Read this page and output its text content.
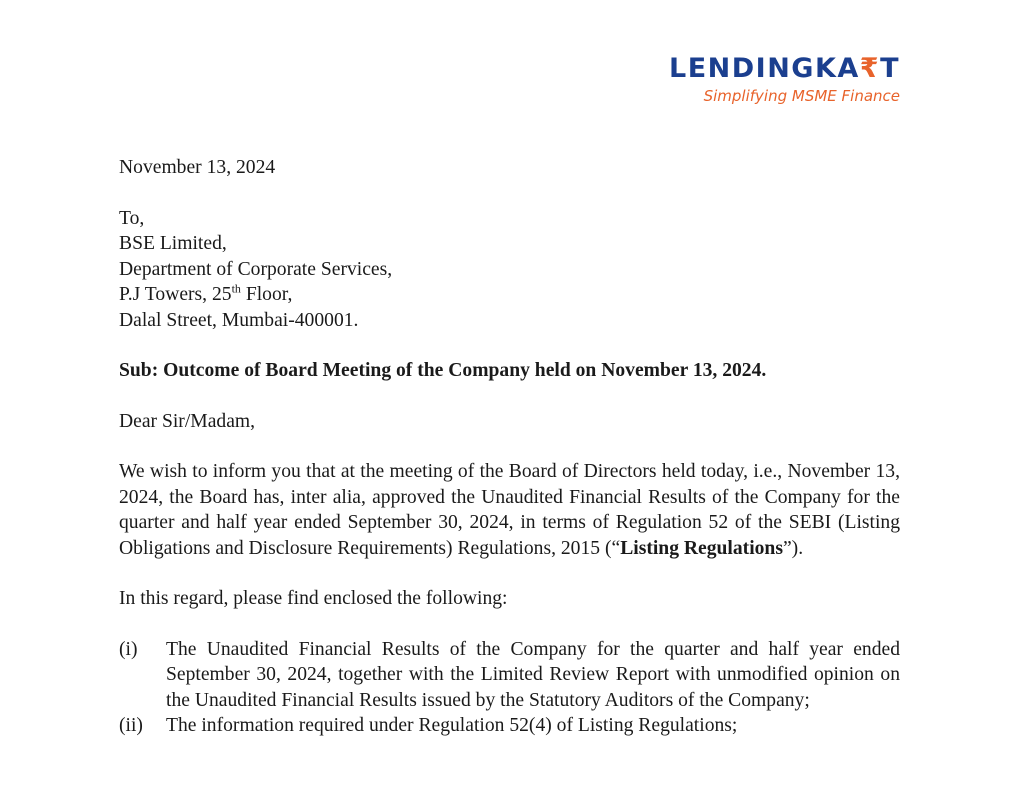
LENDINGKA₹T
Simplifying MSME Finance

November 13, 2024

To,
BSE Limited,
Department of Corporate Services,
P.J Towers, 25th Floor,
Dalal Street, Mumbai-400001.

Sub: Outcome of Board Meeting of the Company held on November 13, 2024.

Dear Sir/Madam,

We wish to inform you that at the meeting of the Board of Directors held today, i.e., November 13, 2024, the Board has, inter alia, approved the Unaudited Financial Results of the Company for the quarter and half year ended September 30, 2024, in terms of Regulation 52 of the SEBI (Listing Obligations and Disclosure Requirements) Regulations, 2015 (“Listing Regulations”).

In this regard, please find enclosed the following:

(i)	The Unaudited Financial Results of the Company for the quarter and half year ended September 30, 2024, together with the Limited Review Report with unmodified opinion on the Unaudited Financial Results issued by the Statutory Auditors of the Company;
(ii)	The information required under Regulation 52(4) of Listing Regulations;
